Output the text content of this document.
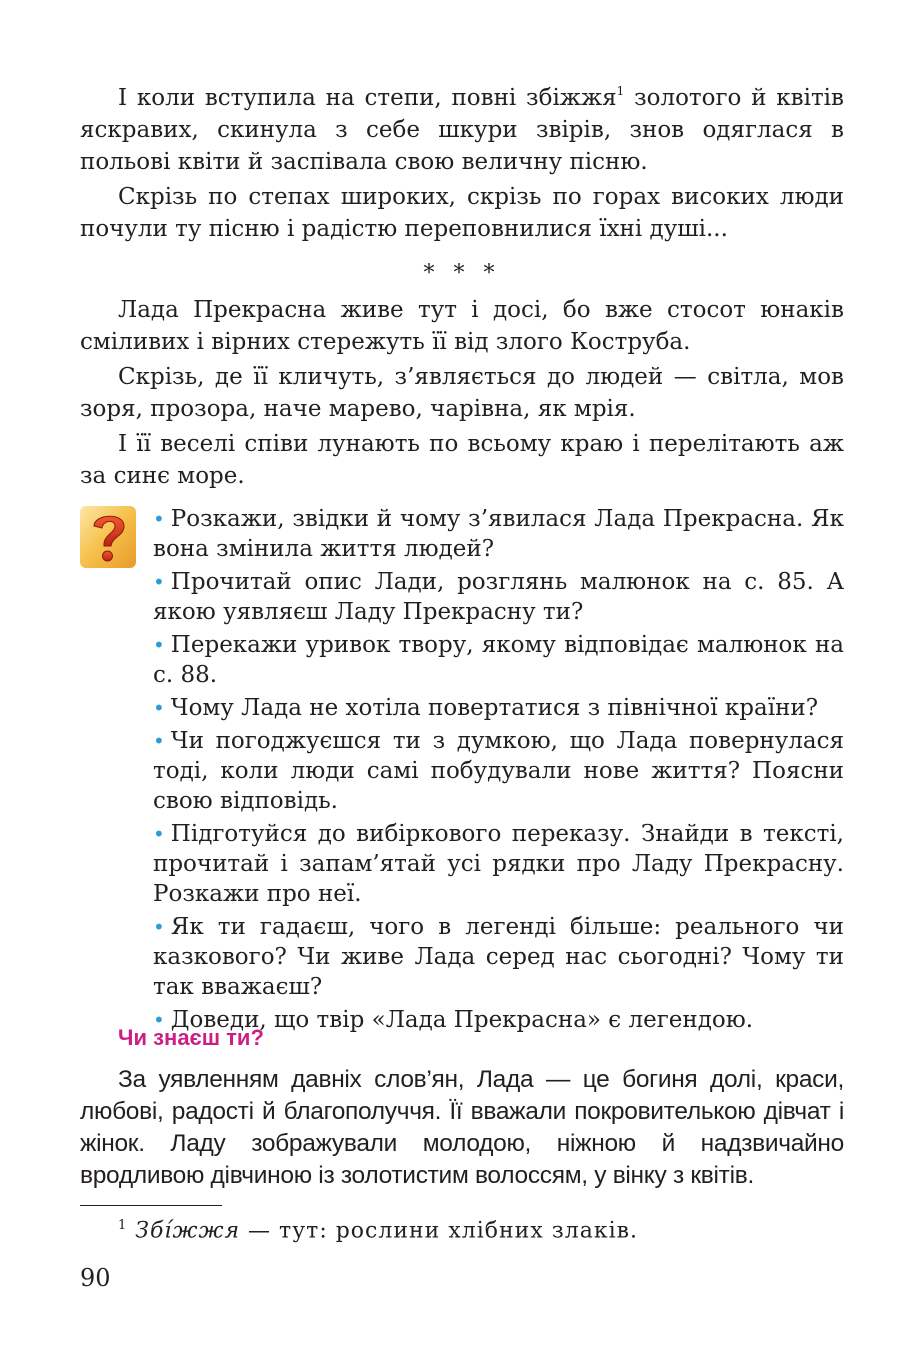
І коли вступила на степи, повні збіжжя$^1$ золотого й квітів яскравих, скинула з себе шкури звірів, знов одяглася в польові квіти й заспівала свою величну пісню.

Скрізь по степах широких, скрізь по горах високих люди почули ту пісню і радістю переповнилися їхні душі...

* * *

Лада Прекрасна живе тут і досі, бо вже стосот юнаків сміливих і вірних стережуть її від злого Коструба.

Скрізь, де її кличуть, з’являється до людей — світла, мов зоря, прозора, наче марево, чарівна, як мрія.

І її веселі співи лунають по всьому краю і перелітають аж за синє море.

• Розкажи, звідки й чому з’явилася Лада Прекрасна. Як вона змінила життя людей?
• Прочитай опис Лади, розглянь малюнок на с. 85. А якою уявляєш Ладу Прекрасну ти?
• Перекажи уривок твору, якому відповідає малюнок на с. 88.
• Чому Лада не хотіла повертатися з північної країни?
• Чи погоджуєшся ти з думкою, що Лада повернулася тоді, коли люди самі побудували нове життя? Поясни свою відповідь.
• Підготуйся до вибіркового переказу. Знайди в тексті, прочитай і запам’ятай усі рядки про Ладу Прекрасну. Розкажи про неї.
• Як ти гадаєш, чого в легенді більше: реального чи казкового? Чи живе Лада серед нас сьогодні? Чому ти так вважаєш?
• Доведи, що твір «Лада Прекрасна» є легендою.
Чи знаєш ти?

За уявленням давніх слов’ян, Лада — це богиня долі, краси, любові, радості й благополуччя. Її вважали покровителькою дівчат і жінок. Ладу зображували молодою, ніжною й надзвичайно вродливою дівчиною із золотистим волоссям, у вінку з квітів.

$^1$ Збі́жжя — тут: рослини хлібних злаків.
90
